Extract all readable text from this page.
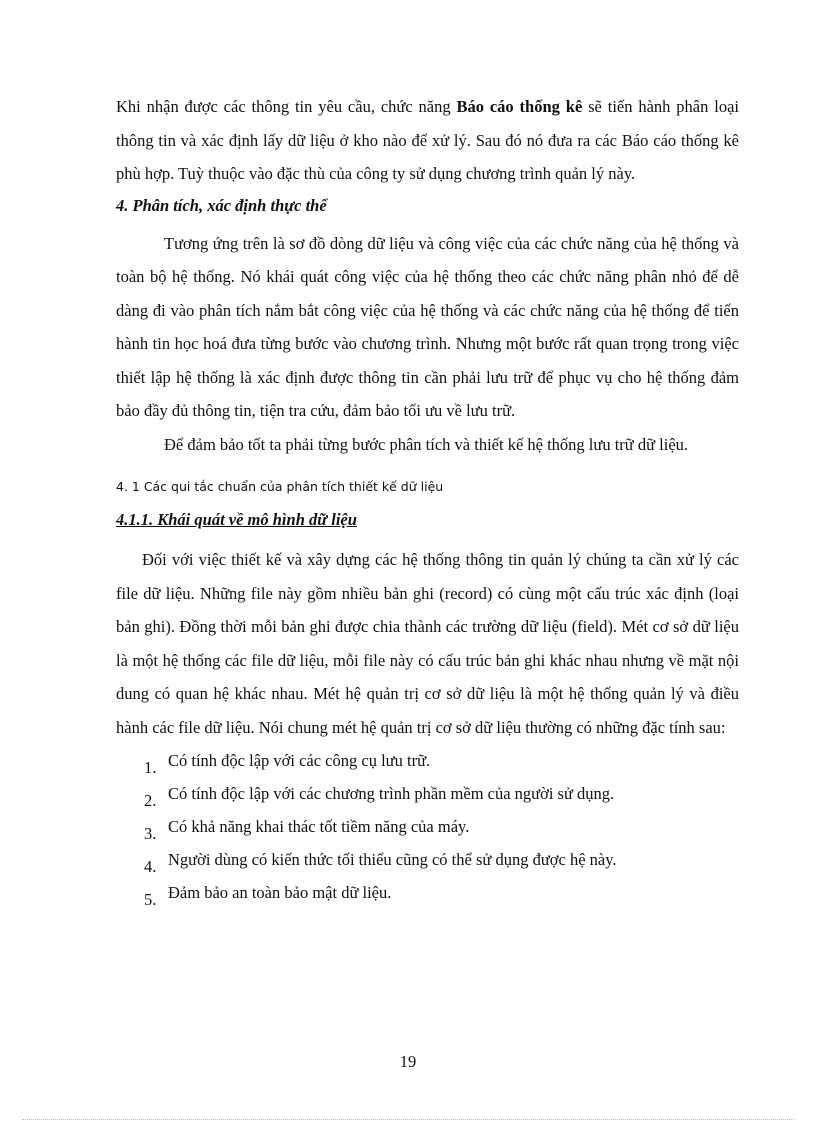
Khi nhận được các thông tin yêu cầu, chức năng Báo cáo thống kê sẽ tiến hành phân loại thông tin và xác định lấy dữ liệu ở kho nào để xử lý. Sau đó nó đưa ra các Báo cáo thống kê phù hợp. Tuỳ thuộc vào đặc thù của công ty sử dụng chương trình quản lý này.

4. Phân tích, xác định thực thể

Tương ứng trên là sơ đồ dòng dữ liệu và công việc của các chức năng của hệ thống và toàn bộ hệ thống. Nó khái quát công việc của hệ thống theo các chức năng phân nhỏ để dễ dàng đi vào phân tích nắm bắt công việc của hệ thống và các chức năng của hệ thống để tiến hành tin học hoá đưa từng bước vào chương trình. Nhưng một bước rất quan trọng trong việc thiết lập hệ thống là xác định được thông tin cần phải lưu trữ để phục vụ cho hệ thống đảm bảo đầy đủ thông tin, tiện tra cứu, đảm bảo tối ưu về lưu trữ.

Để đảm bảo tốt ta phải từng bước phân tích và thiết kế hệ thống lưu trữ dữ liệu.

4. 1 Các qui tắc chuẩn của phân tích thiết kế dữ liệu
4.1.1. Khái quát về mô hình dữ liệu

Đối với việc thiết kế và xây dựng các hệ thống thông tin quản lý chúng ta cần xử lý các file dữ liệu. Những file này gồm nhiều bản ghi (record) có cùng một cấu trúc xác định (loại bản ghi). Đồng thời mỗi bản ghi được chia thành các trường dữ liệu (field). Mét cơ sở dữ liệu là một hệ thống các file dữ liệu, mỗi file này có cấu trúc bản ghi khác nhau nhưng về mặt nội dung có quan hệ khác nhau. Mét hệ quản trị cơ sở dữ liệu là một hệ thống quản lý và điều hành các file dữ liệu. Nói chung mét hệ quản trị cơ sở dữ liệu thường có những đặc tính sau:

1. Có tính độc lập với các công cụ lưu trữ.
2. Có tính độc lập với các chương trình phần mềm của người sử dụng.
3. Có khả năng khai thác tốt tiềm năng của máy.
4. Người dùng có kiến thức tối thiểu cũng có thể sử dụng được hệ này.
5. Đảm bảo an toàn bảo mật dữ liệu.
19
